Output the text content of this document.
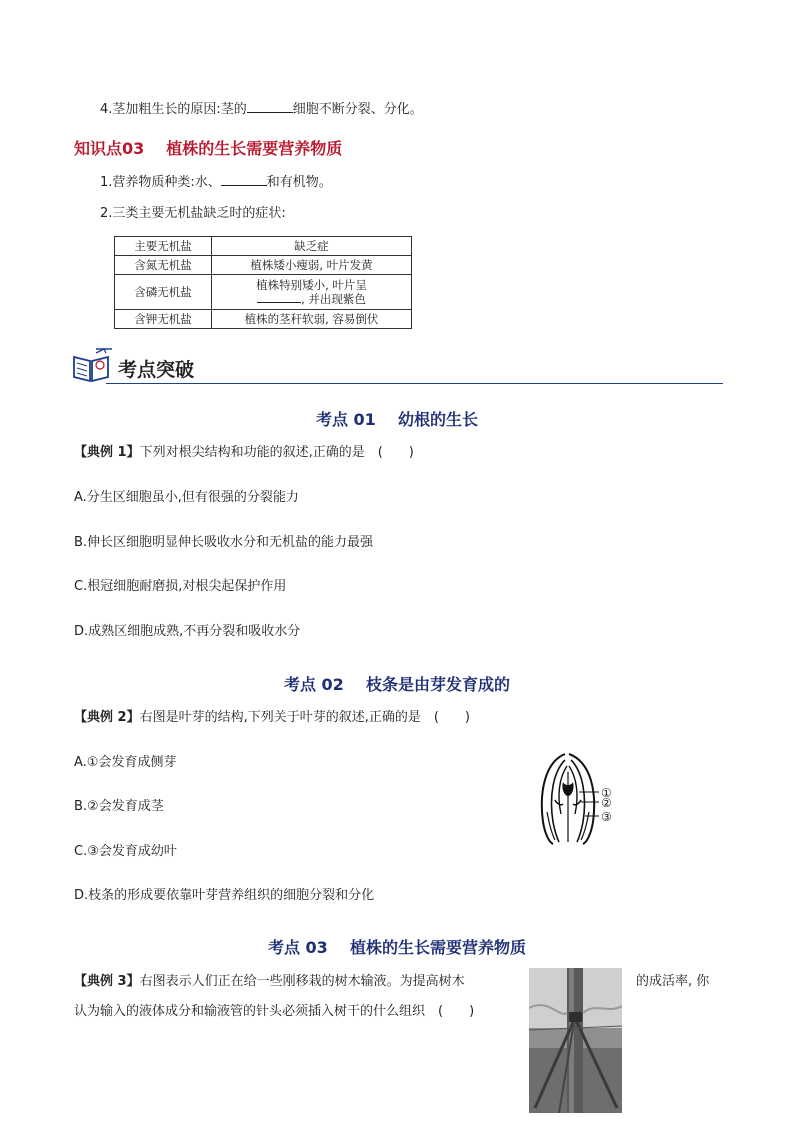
4.茎加粗生长的原因:茎的	细胞不断分裂、分化。
知识点03 植株的生长需要营养物质
1.营养物质种类:水、	和有机物。
2.三类主要无机盐缺乏时的症状:
主要无机盐	缺乏症
含氮无机盐	植株矮小瘦弱, 叶片发黄
含磷无机盐	植株特别矮小, 叶片呈
, 并出现紫色

含钾无机盐	植株的茎秆软弱, 容易倒伏
考点突破
考点 01    幼根的生长
【典例 1】下列对根尖结构和功能的叙述,正确的是　(　　)
A.分生区细胞虽小,但有很强的分裂能力
B.伸长区细胞明显伸长吸收水分和无机盐的能力最强
C.根冠细胞耐磨损,对根尖起保护作用
D.成熟区细胞成熟,不再分裂和吸收水分
考点 02    枝条是由芽发育成的
【典例 2】右图是叶芽的结构,下列关于叶芽的叙述,正确的是　(　　)
A.①会发育成侧芽
B.②会发育成茎
C.③会发育成幼叶
D.枝条的形成要依靠叶芽营养组织的细胞分裂和分化
①
②
③
考点 03    植株的生长需要营养物质
【典例 3】右图表示人们正在给一些刚移栽的树木输液。为提高树木	的成活率, 你
认为输入的液体成分和输液管的针头必须插入树干的什么组织　(　　)
